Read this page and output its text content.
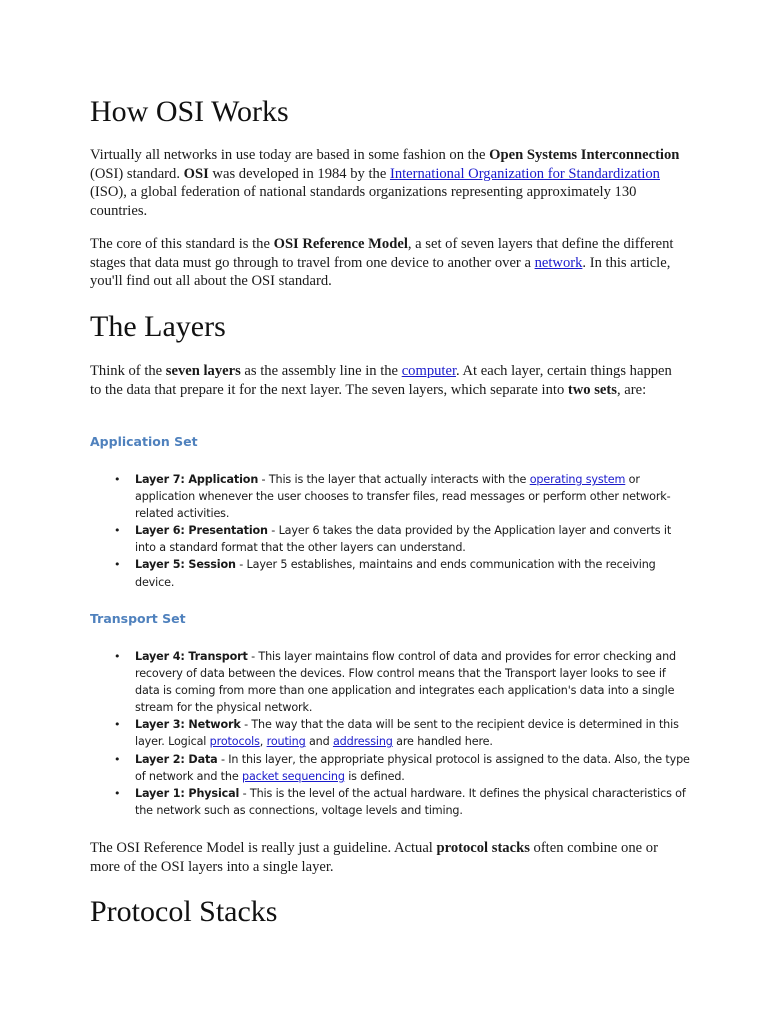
How OSI Works

Virtually all networks in use today are based in some fashion on the Open Systems Interconnection (OSI) standard. OSI was developed in 1984 by the International Organization for Standardization (ISO), a global federation of national standards organizations representing approximately 130 countries.

The core of this standard is the OSI Reference Model, a set of seven layers that define the different stages that data must go through to travel from one device to another over a network. In this article, you'll find out all about the OSI standard.

The Layers

Think of the seven layers as the assembly line in the computer. At each layer, certain things happen to the data that prepare it for the next layer. The seven layers, which separate into two sets, are:

Application Set
• Layer 7: Application - This is the layer that actually interacts with the operating system or application whenever the user chooses to transfer files, read messages or perform other network-related activities.
• Layer 6: Presentation - Layer 6 takes the data provided by the Application layer and converts it into a standard format that the other layers can understand.
• Layer 5: Session - Layer 5 establishes, maintains and ends communication with the receiving device.
Transport Set
• Layer 4: Transport - This layer maintains flow control of data and provides for error checking and recovery of data between the devices. Flow control means that the Transport layer looks to see if data is coming from more than one application and integrates each application's data into a single stream for the physical network.
• Layer 3: Network - The way that the data will be sent to the recipient device is determined in this layer. Logical protocols, routing and addressing are handled here.
• Layer 2: Data - In this layer, the appropriate physical protocol is assigned to the data. Also, the type of network and the packet sequencing is defined.
• Layer 1: Physical - This is the level of the actual hardware. It defines the physical characteristics of the network such as connections, voltage levels and timing.

The OSI Reference Model is really just a guideline. Actual protocol stacks often combine one or more of the OSI layers into a single layer.

Protocol Stacks
